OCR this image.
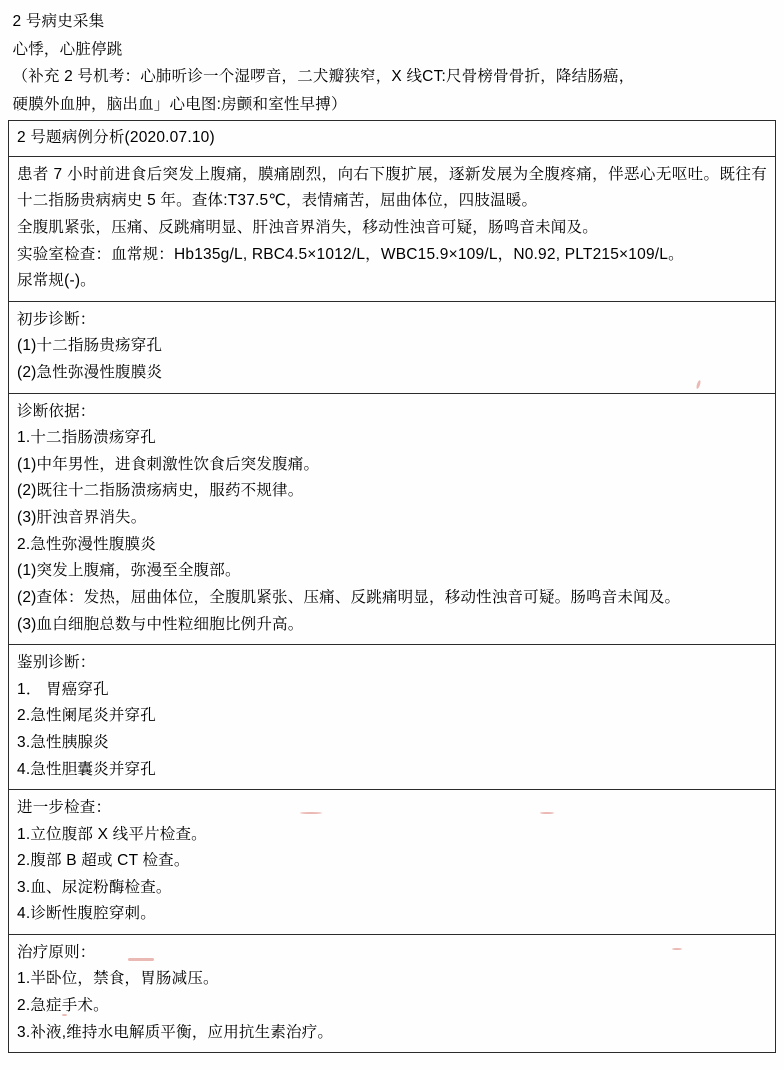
2 号病史采集
心悸，心脏停跳
（补充 2 号机考：心肺听诊一个湿啰音，二犬瓣狭窄，X 线CT:尺骨榜骨骨折，降结肠癌，
硬膜外血肿，脑出血」心电图:房颤和室性早搏）

2 号题病例分析(2020.07.10)

患者 7 小时前进食后突发上腹痛，膜痛剧烈，向右下腹扩展，逐新发展为全腹疼痛，伴恶心无呕吐。既往有十二指肠贵病病史 5 年。查体:T37.5℃，表情痛苦，屈曲体位，四肢温暖。

全腹肌紧张，压痛、反跳痛明显、肝浊音界消失，移动性浊音可疑，肠鸣音未闻及。

实验室检查：血常规：Hb135g/L, RBC4.5×1012/L，WBC15.9×109/L，N0.92, PLT215×109/L。

尿常规(-)。

初步诊断：
(1)十二指肠贵疡穿孔
(2)急性弥漫性腹膜炎

诊断依据：
1.十二指肠溃疡穿孔
(1)中年男性，进食刺激性饮食后突发腹痛。
(2)既往十二指肠溃疡病史，服药不规律。
(3)肝浊音界消失。
2.急性弥漫性腹膜炎
(1)突发上腹痛，弥漫至全腹部。
(2)查体：发热，屈曲体位，全腹肌紧张、压痛、反跳痛明显，移动性浊音可疑。肠鸣音未闻及。
(3)血白细胞总数与中性粒细胞比例升高。

鉴别诊断：
1． 胃癌穿孔
2.急性阑尾炎并穿孔
3.急性胰腺炎
4.急性胆囊炎并穿孔

进一步检查：
1.立位腹部 X 线平片检查。
2.腹部 B 超或 CT 检查。
3.血、尿淀粉酶检查。
4.诊断性腹腔穿刺。

治疗原则：
1.半卧位，禁食，胃肠减压。
2.急症手术。
3.补液,维持水电解质平衡，应用抗生素治疗。
